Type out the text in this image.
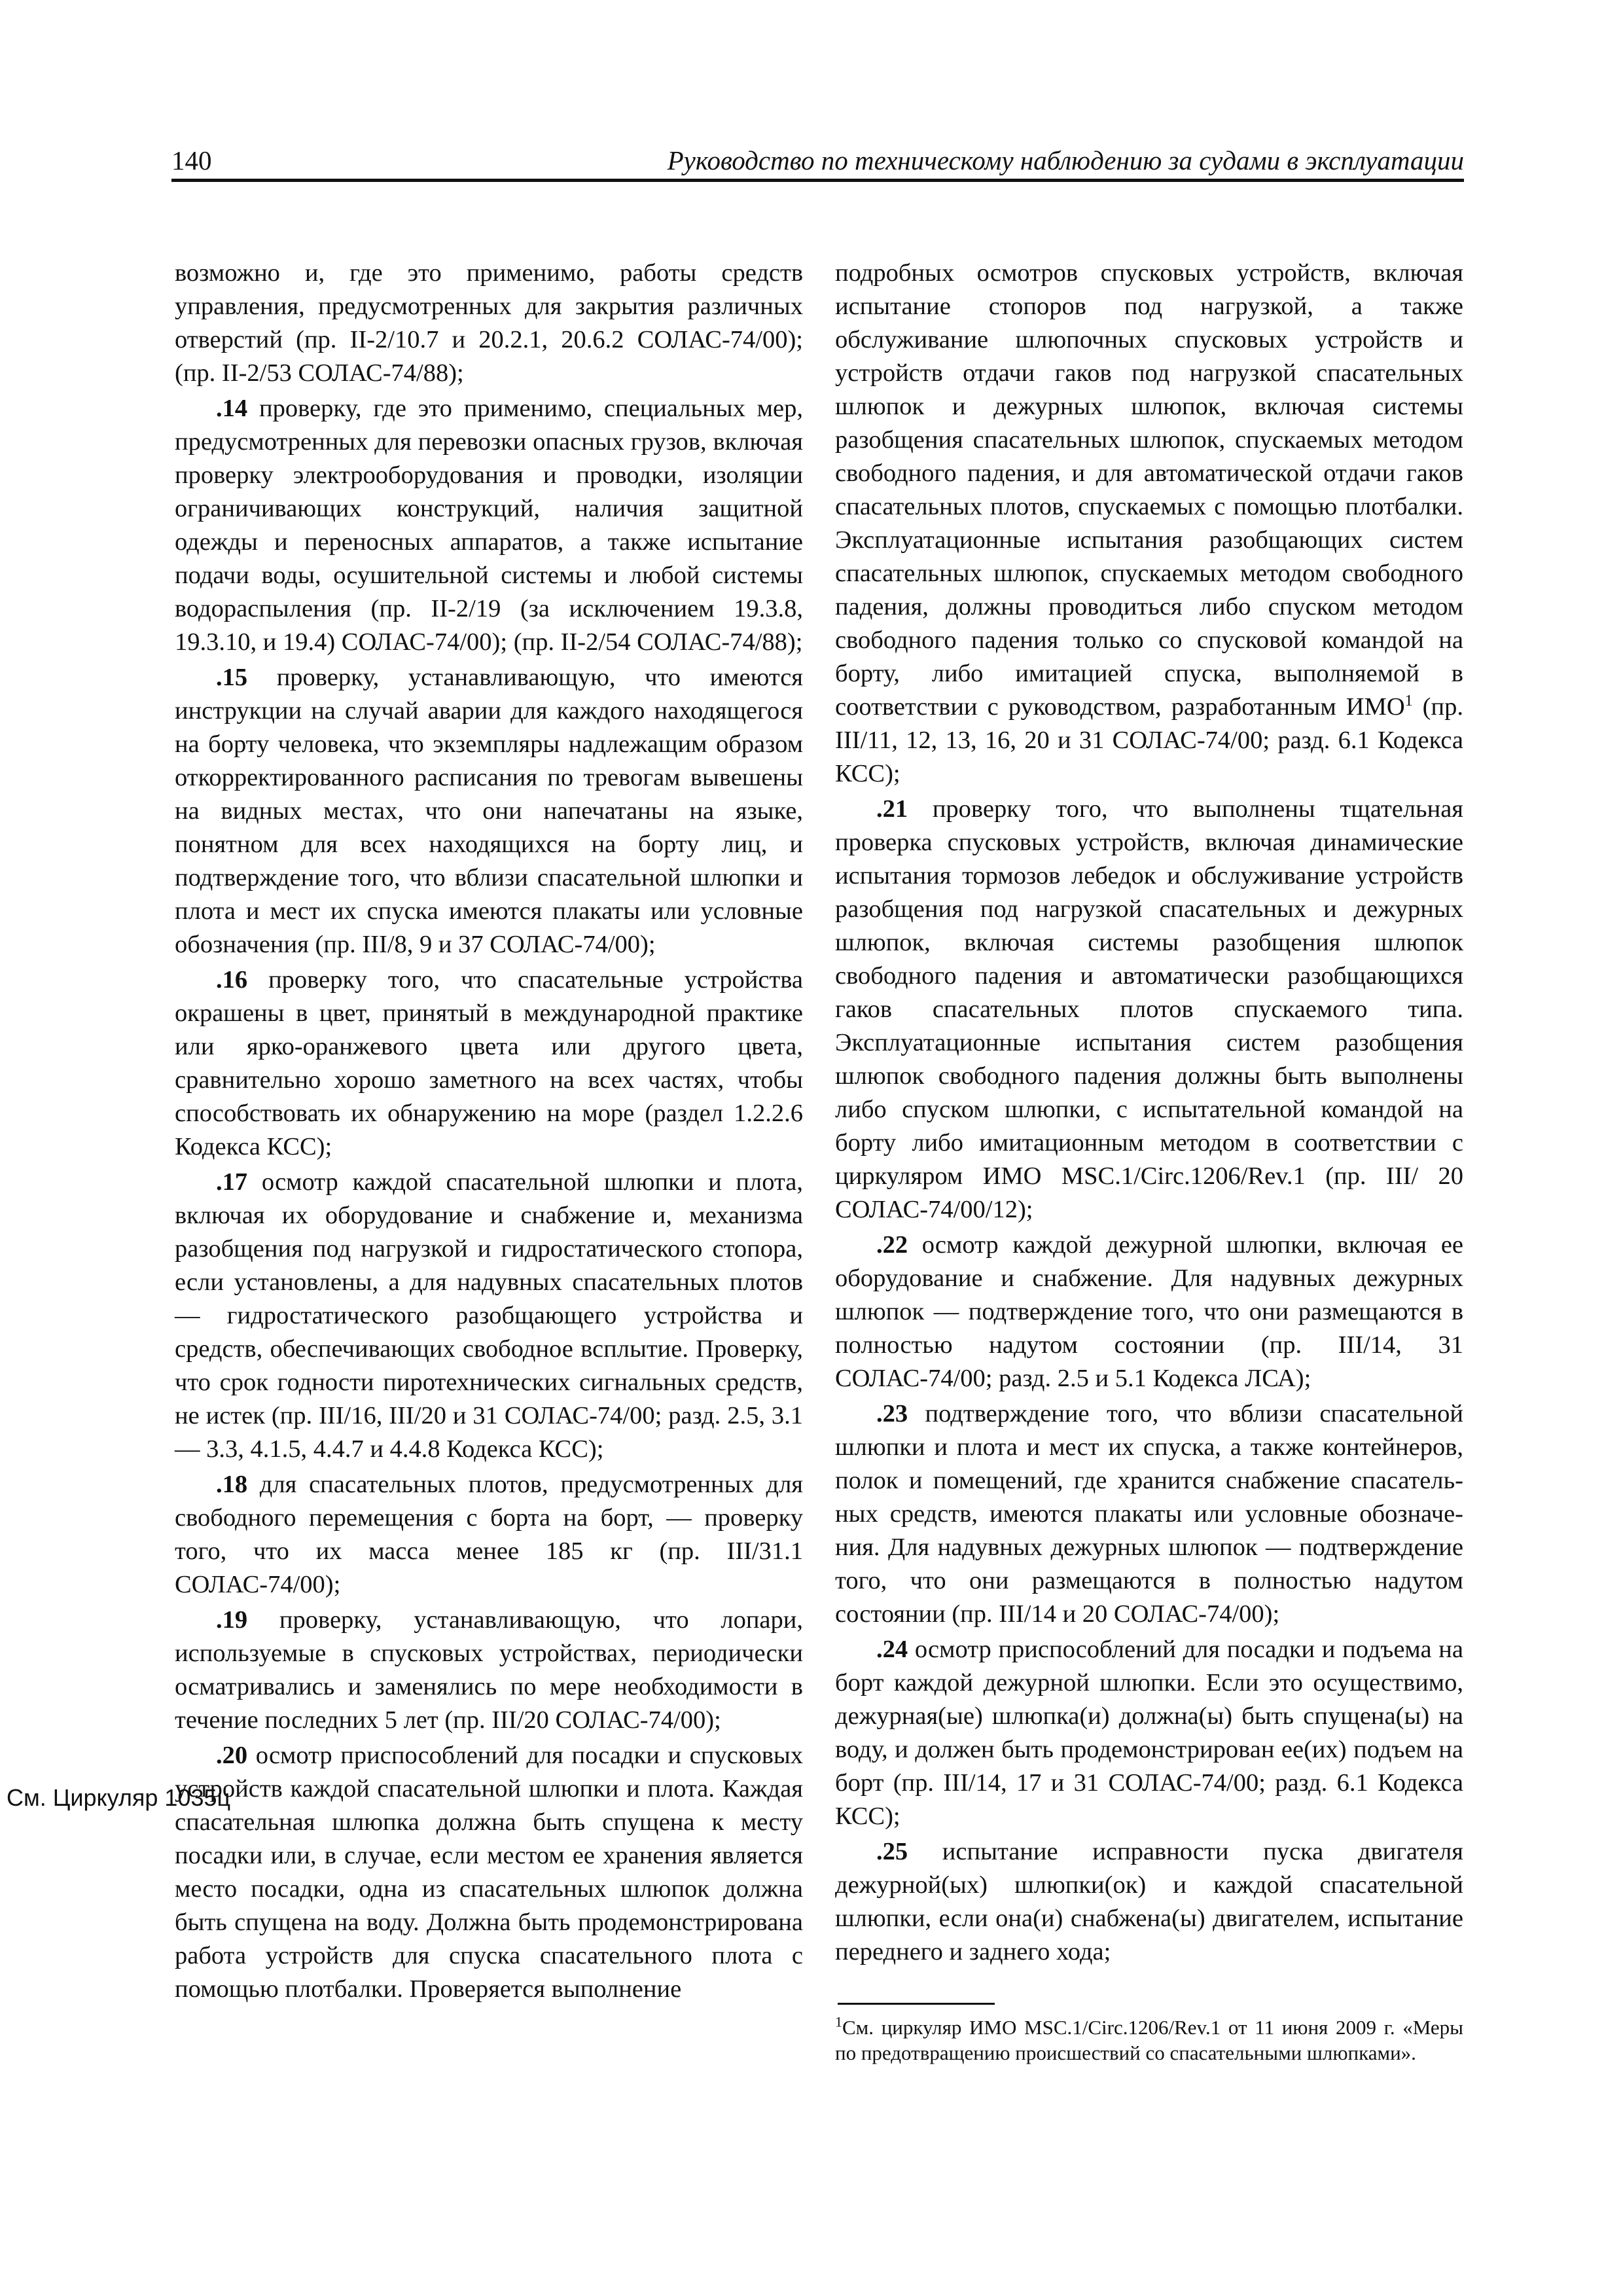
140	Руководство по техническому наблюдению за судами в эксплуатации
См. Циркуляр 1035ц

возможно и, где это применимо, работы средств управления, предусмотренных для закрытия различных отверстий (пр. II-2/10.7 и 20.2.1, 20.6.2 СОЛАС-74/00); (пр. II-2/53 СОЛАС-74/88);

.14 проверку, где это применимо, специальных мер, предусмотренных для перевозки опасных грузов, включая проверку электрооборудования и проводки, изоляции ограничивающих конструкций, наличия защитной одежды и переносных аппаратов, а также испытание подачи воды, осушительной системы и любой системы водораспыления (пр. II-2/19 (за исключением 19.3.8, 19.3.10, и 19.4) СОЛАС-74/00); (пр. II-2/54 СОЛАС-74/88);

.15 проверку, устанавливающую, что имеются инструкции на случай аварии для каждого находящегося на борту человека, что экземпляры надлежащим образом откорректированного расписания по тревогам вывешены на видных местах, что они напечатаны на языке, понятном для всех находящихся на борту лиц, и подтверждение того, что вблизи спасательной шлюпки и плота и мест их спуска имеются плакаты или условные обозначения (пр. III/8, 9 и 37 СОЛАС-74/00);

.16 проверку того, что спасательные устройства окрашены в цвет, принятый в международной практике или ярко-оранжевого цвета или другого цвета, сравнительно хорошо заметного на всех частях, чтобы способствовать их обнаружению на море (раздел 1.2.2.6 Кодекса КСС);

.17 осмотр каждой спасательной шлюпки и плота, включая их оборудование и снабжение и, механизма разобщения под нагрузкой и гидростатического стопора, если установлены, а для надувных спасательных плотов — гидростатического разобщающего устройства и средств, обеспечивающих свободное всплытие. Проверку, что срок годности пиротехнических сигнальных средств, не истек (пр. III/16, III/20 и 31 СОЛАС-74/00; разд. 2.5, 3.1 — 3.3, 4.1.5, 4.4.7 и 4.4.8 Кодекса КСС);

.18 для спасательных плотов, предусмотренных для свободного перемещения с борта на борт, — проверку того, что их масса менее 185 кг (пр. III/31.1 СОЛАС-74/00);

.19 проверку, устанавливающую, что лопари, используемые в спусковых устройствах, периодически осматривались и заменялись по мере необходимости в течение последних 5 лет (пр. III/20 СОЛАС-74/00);

.20 осмотр приспособлений для посадки и спусковых устройств каждой спасательной шлюпки и плота. Каждая спасательная шлюпка должна быть спущена к месту посадки или, в случае, если местом ее хранения является место посадки, одна из спасательных шлюпок должна быть спущена на воду. Должна быть продемонстрирована работа устройств для спуска спасательного плота с помощью плотбалки. Проверяется выполнение

подробных осмотров спусковых устройств, включая испытание стопоров под нагрузкой, а также обслуживание шлюпочных спусковых устройств и устройств отдачи гаков под нагрузкой спасательных шлюпок и дежурных шлюпок, включая системы разобщения спасательных шлюпок, спускаемых методом свободного падения, и для автоматической отдачи гаков спасательных плотов, спускаемых с помощью плотбалки. Эксплуатационные испытания разобщающих систем спасательных шлюпок, спускаемых методом свободного падения, должны проводиться либо спуском методом свободного падения только со спусковой командой на борту, либо имитацией спуска, выполняемой в соответствии с руководством, разработанным ИМО$^1$ (пр. III/11, 12, 13, 16, 20 и 31 СОЛАС-74/00; разд. 6.1 Кодекса КСС);

.21 проверку того, что выполнены тщательная проверка спусковых устройств, включая динамические испытания тормозов лебедок и обслуживание устройств разобщения под нагрузкой спасательных и дежурных шлюпок, включая системы разобщения шлюпок свободного падения и автоматически разобщающихся гаков спасательных плотов спускаемого типа. Эксплуатационные испытания систем разобщения шлюпок свободного падения должны быть выполнены либо спуском шлюпки, с испытательной командой на борту либо имитационным методом в соответствии с циркуляром ИМО MSC.1/Circ.1206/Rev.1 (пр. III/ 20 СОЛАС-74/00/12);

.22 осмотр каждой дежурной шлюпки, включая ее оборудование и снабжение. Для надувных дежурных шлюпок — подтверждение того, что они размещаются в полностью надутом состоянии (пр. III/14, 31 СОЛАС-74/00; разд. 2.5 и 5.1 Кодекса ЛСА);

.23 подтверждение того, что вблизи спасательной шлюпки и плота и мест их спуска, а также контейнеров, полок и помещений, где хранится снабжение спасатель-ных средств, имеются плакаты или условные обозначе-ния. Для надувных дежурных шлюпок — подтверждение того, что они размещаются в полностью надутом состоянии (пр. III/14 и 20 СОЛАС-74/00);

.24 осмотр приспособлений для посадки и подъема на борт каждой дежурной шлюпки. Если это осуществимо, дежурная(ые) шлюпка(и) должна(ы) быть спущена(ы) на воду, и должен быть продемонстрирован ее(их) подъем на борт (пр. III/14, 17 и 31 СОЛАС-74/00; разд. 6.1 Кодекса КСС);

.25 испытание исправности пуска двигателя дежурной(ых) шлюпки(ок) и каждой спасательной шлюпки, если она(и) снабжена(ы) двигателем, испытание переднего и заднего хода;

$^1$См. циркуляр ИМО MSC.1/Circ.1206/Rev.1 от 11 июня 2009 г. «Меры по предотвращению происшествий со спасательными шлюпками».
